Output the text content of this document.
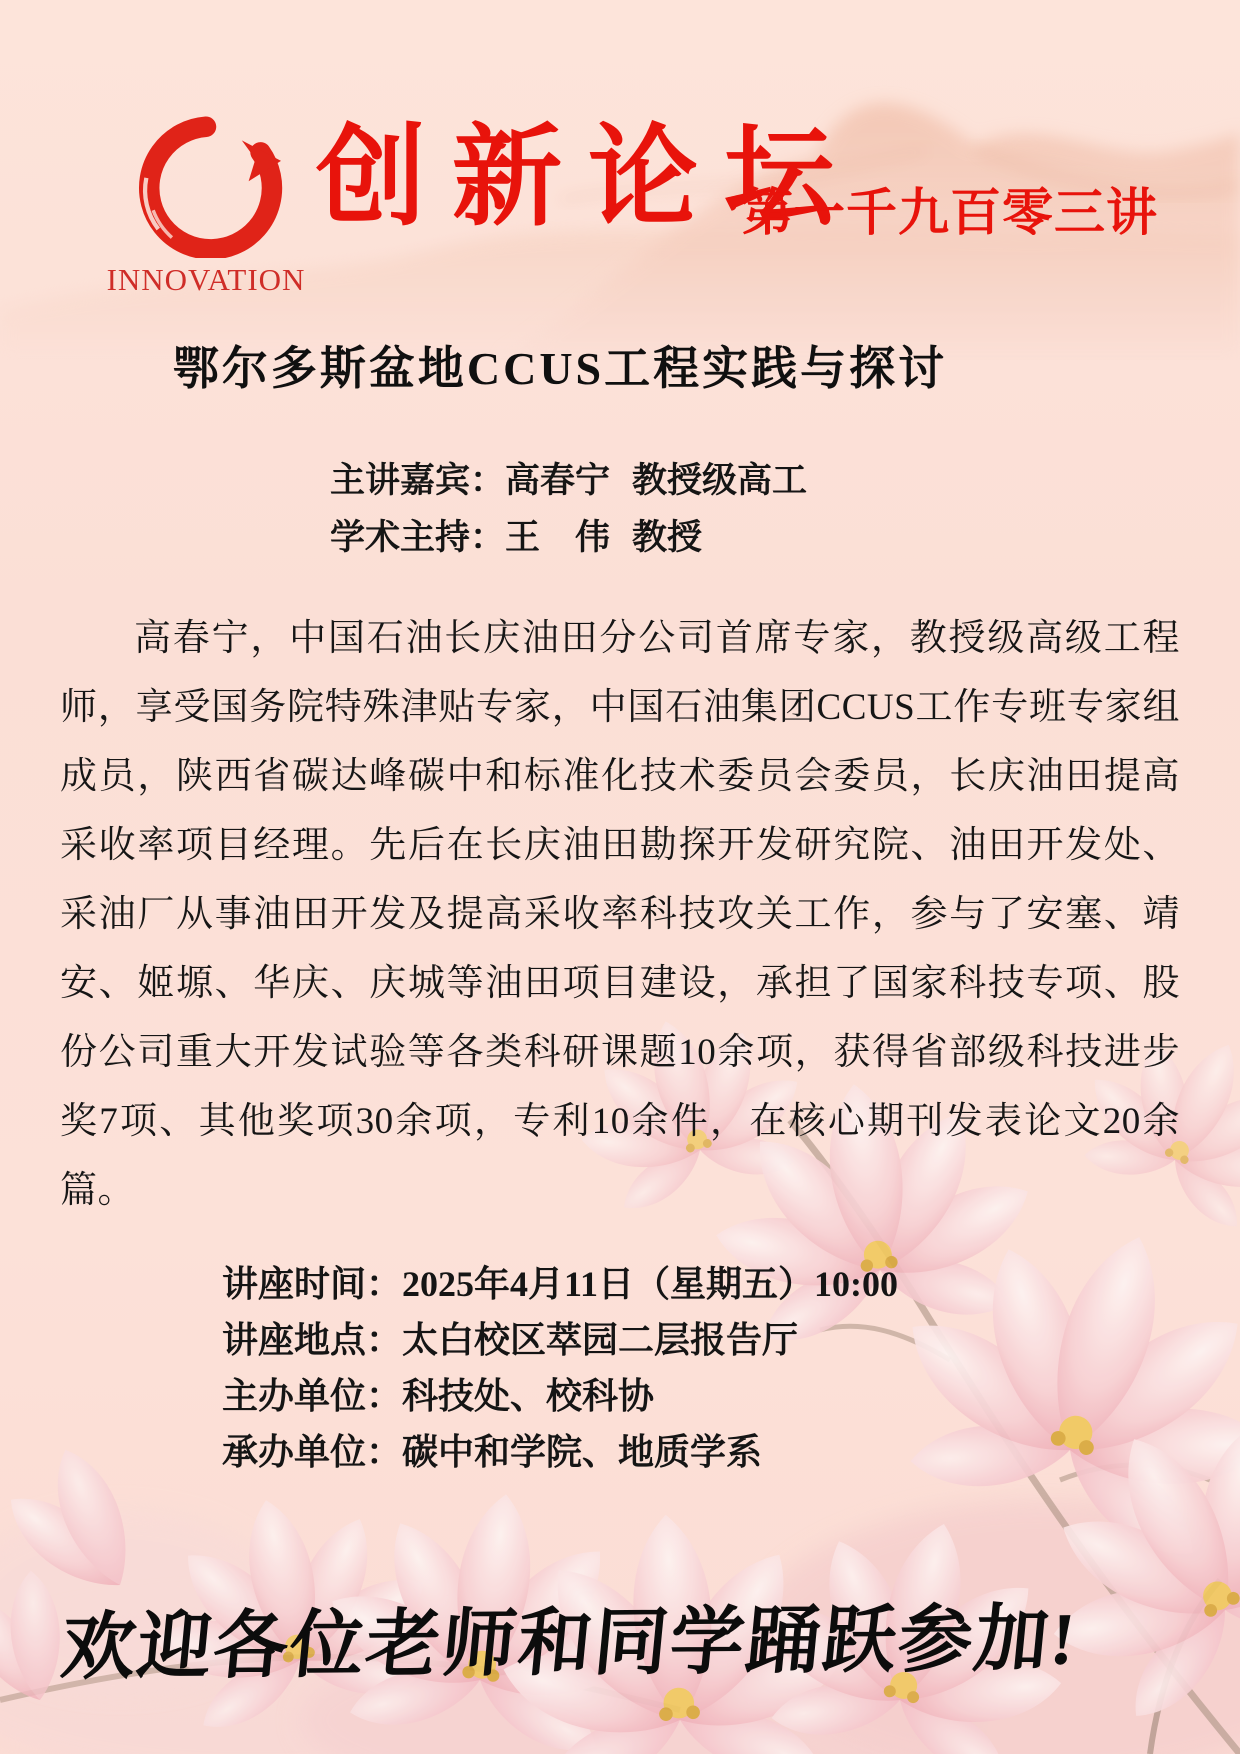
INNOVATION
创新论坛
第一千九百零三讲
鄂尔多斯盆地CCUS工程实践与探讨
主讲嘉宾：高春宁 教授级高工
学术主持：王　伟 教授
高春宁，中国石油长庆油田分公司首席专家，教授级高级工程师，享受国务院特殊津贴专家，中国石油集团CCUS工作专班专家组成员，陕西省碳达峰碳中和标准化技术委员会委员，长庆油田提高采收率项目经理。先后在长庆油田勘探开发研究院、油田开发处、采油厂从事油田开发及提高采收率科技攻关工作，参与了安塞、靖安、姬塬、华庆、庆城等油田项目建设，承担了国家科技专项、股份公司重大开发试验等各类科研课题10余项，获得省部级科技进步奖7项、其他奖项30余项，专利10余件，在核心期刊发表论文20余篇。
讲座时间：2025年4月11日（星期五）10:00
讲座地点：太白校区萃园二层报告厅
主办单位：科技处、校科协
承办单位：碳中和学院、地质学系
欢迎各位老师和同学踊跃参加!
